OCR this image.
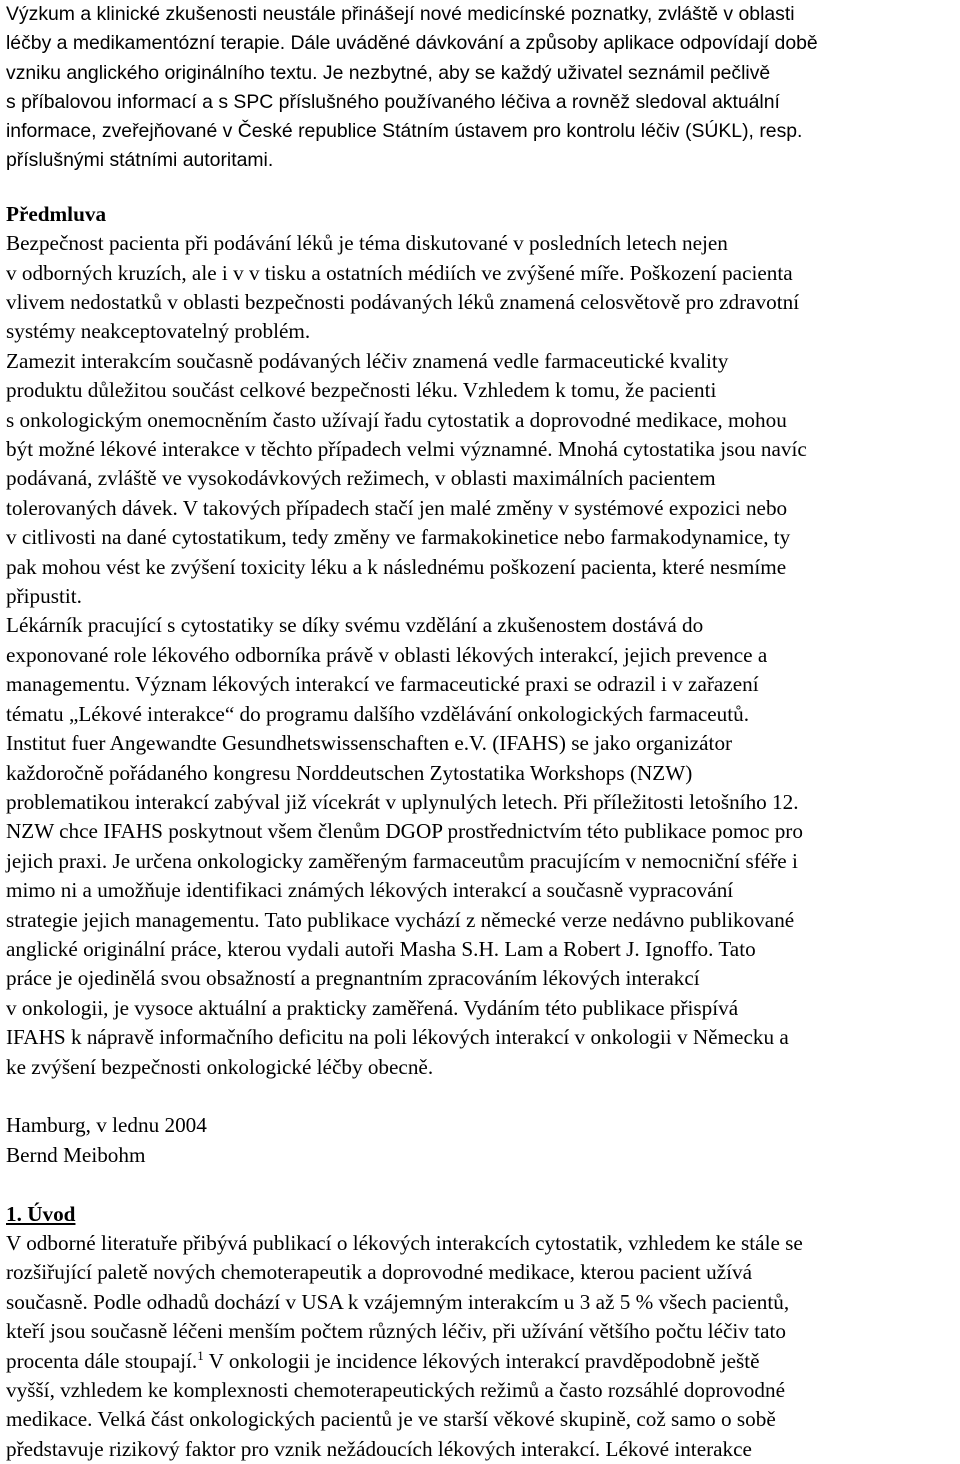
Výzkum a klinické zkušenosti neustále přinášejí nové medicínské poznatky, zvláště v oblasti
léčby a medikamentózní terapie. Dále uváděné dávkování a způsoby aplikace odpovídají době
vzniku anglického originálního textu. Je nezbytné, aby se každý uživatel seznámil pečlivě
s příbalovou informací a s SPC příslušného používaného léčiva a rovněž sledoval aktuální
informace, zveřejňované v České republice Státním ústavem pro kontrolu léčiv (SÚKL), resp.
příslušnými státními autoritami.
Předmluva
Bezpečnost pacienta při podávání léků je téma diskutované v posledních letech nejen
v odborných kruzích, ale i v v tisku a ostatních médiích ve zvýšené míře. Poškození pacienta
vlivem nedostatků v oblasti bezpečnosti podávaných léků znamená celosvětově pro zdravotní
systémy neakceptovatelný problém.
Zamezit interakcím současně podávaných léčiv znamená vedle farmaceutické kvality
produktu důležitou součást celkové bezpečnosti léku. Vzhledem k tomu, že pacienti
s onkologickým onemocněním často užívají řadu cytostatik a doprovodné medikace, mohou
být možné lékové interakce v těchto případech velmi významné. Mnohá cytostatika jsou navíc
podávaná, zvláště ve vysokodávkových režimech, v oblasti maximálních pacientem
tolerovaných dávek. V takových případech stačí jen malé změny v systémové expozici nebo
v citlivosti na dané cytostatikum, tedy změny ve farmakokinetice nebo farmakodynamice, ty
pak mohou vést ke zvýšení toxicity léku a k následnému poškození pacienta, které nesmíme
připustit.
Lékárník pracující s cytostatiky se díky svému vzdělání a zkušenostem dostává do
exponované role lékového odborníka právě v oblasti lékových interakcí, jejich prevence a
managementu. Význam lékových interakcí ve farmaceutické praxi se odrazil i v zařazení
tématu „Lékové interakce“ do programu dalšího vzdělávání onkologických farmaceutů.
Institut fuer Angewandte Gesundhetswissenschaften e.V. (IFAHS) se jako organizátor
každoročně pořádaného kongresu Norddeutschen Zytostatika Workshops (NZW)
problematikou interakcí zabýval již vícekrát v uplynulých letech. Při příležitosti letošního 12.
NZW chce IFAHS poskytnout všem členům DGOP prostřednictvím této publikace pomoc pro
jejich praxi. Je určena onkologicky zaměřeným farmaceutům pracujícím v nemocniční sféře i
mimo ni a umožňuje identifikaci známých lékových interakcí a současně vypracování
strategie jejich managementu. Tato publikace vychází z německé verze nedávno publikované
anglické originální práce, kterou vydali autoři Masha S.H. Lam a Robert J. Ignoffo. Tato
práce je ojedinělá svou obsažností a pregnantním zpracováním lékových interakcí
v onkologii, je vysoce aktuální a prakticky zaměřená. Vydáním této publikace přispívá
IFAHS k nápravě informačního deficitu na poli lékových interakcí v onkologii v Německu a
ke zvýšení bezpečnosti onkologické léčby obecně.
Hamburg, v lednu 2004
Bernd Meibohm
1. Úvod
V odborné literatuře přibývá publikací o lékových interakcích cytostatik, vzhledem ke stále se
rozšiřující paletě nových chemoterapeutik a doprovodné medikace, kterou pacient užívá
současně. Podle odhadů dochází v USA k vzájemným interakcím u 3 až 5 % všech pacientů,
kteří jsou současně léčeni menším počtem různých léčiv, při užívání většího počtu léčiv tato
procenta dále stoupají.$^1$ V onkologii je incidence lékových interakcí pravděpodobně ještě
vyšší, vzhledem ke komplexnosti chemoterapeutických režimů a často rozsáhlé doprovodné
medikace. Velká část onkologických pacientů je ve starší věkové skupině, což samo o sobě
představuje rizikový faktor pro vznik nežádoucích lékových interakcí. Lékové interakce
